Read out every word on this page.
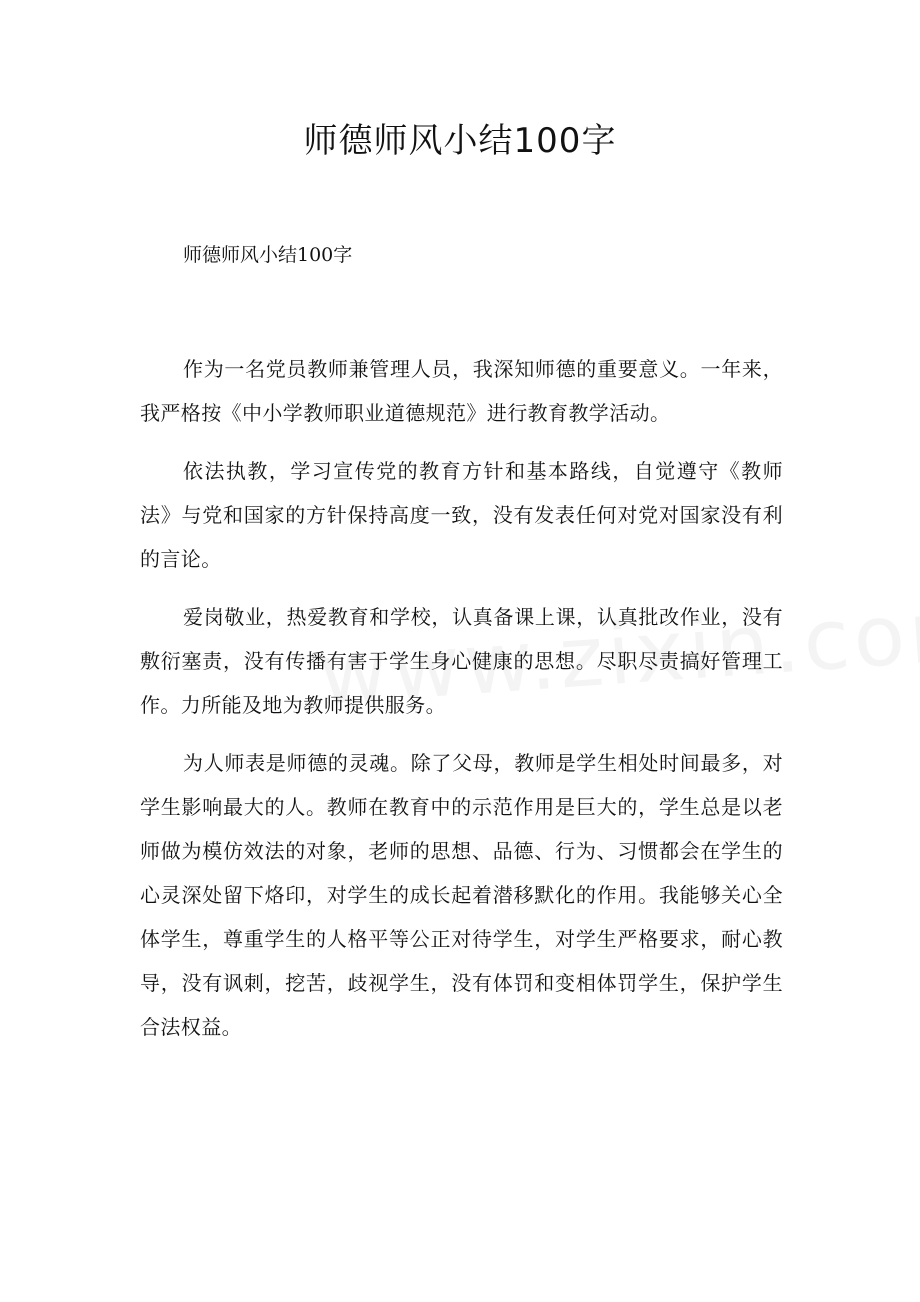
师德师风小结100字

师德师风小结100字

作为一名党员教师兼管理人员，我深知师德的重要意义。一年来，我严格按《中小学教师职业道德规范》进行教育教学活动。

依法执教，学习宣传党的教育方针和基本路线，自觉遵守《教师法》与党和国家的方针保持高度一致，没有发表任何对党对国家没有利的言论。

爱岗敬业，热爱教育和学校，认真备课上课，认真批改作业，没有敷衍塞责，没有传播有害于学生身心健康的思想。尽职尽责搞好管理工作。力所能及地为教师提供服务。

为人师表是师德的灵魂。除了父母，教师是学生相处时间最多，对学生影响最大的人。教师在教育中的示范作用是巨大的，学生总是以老师做为模仿效法的对象，老师的思想、品德、行为、习惯都会在学生的心灵深处留下烙印，对学生的成长起着潜移默化的作用。我能够关心全体学生，尊重学生的人格平等公正对待学生，对学生严格要求，耐心教导，没有讽刺，挖苦，歧视学生，没有体罚和变相体罚学生，保护学生合法权益。
